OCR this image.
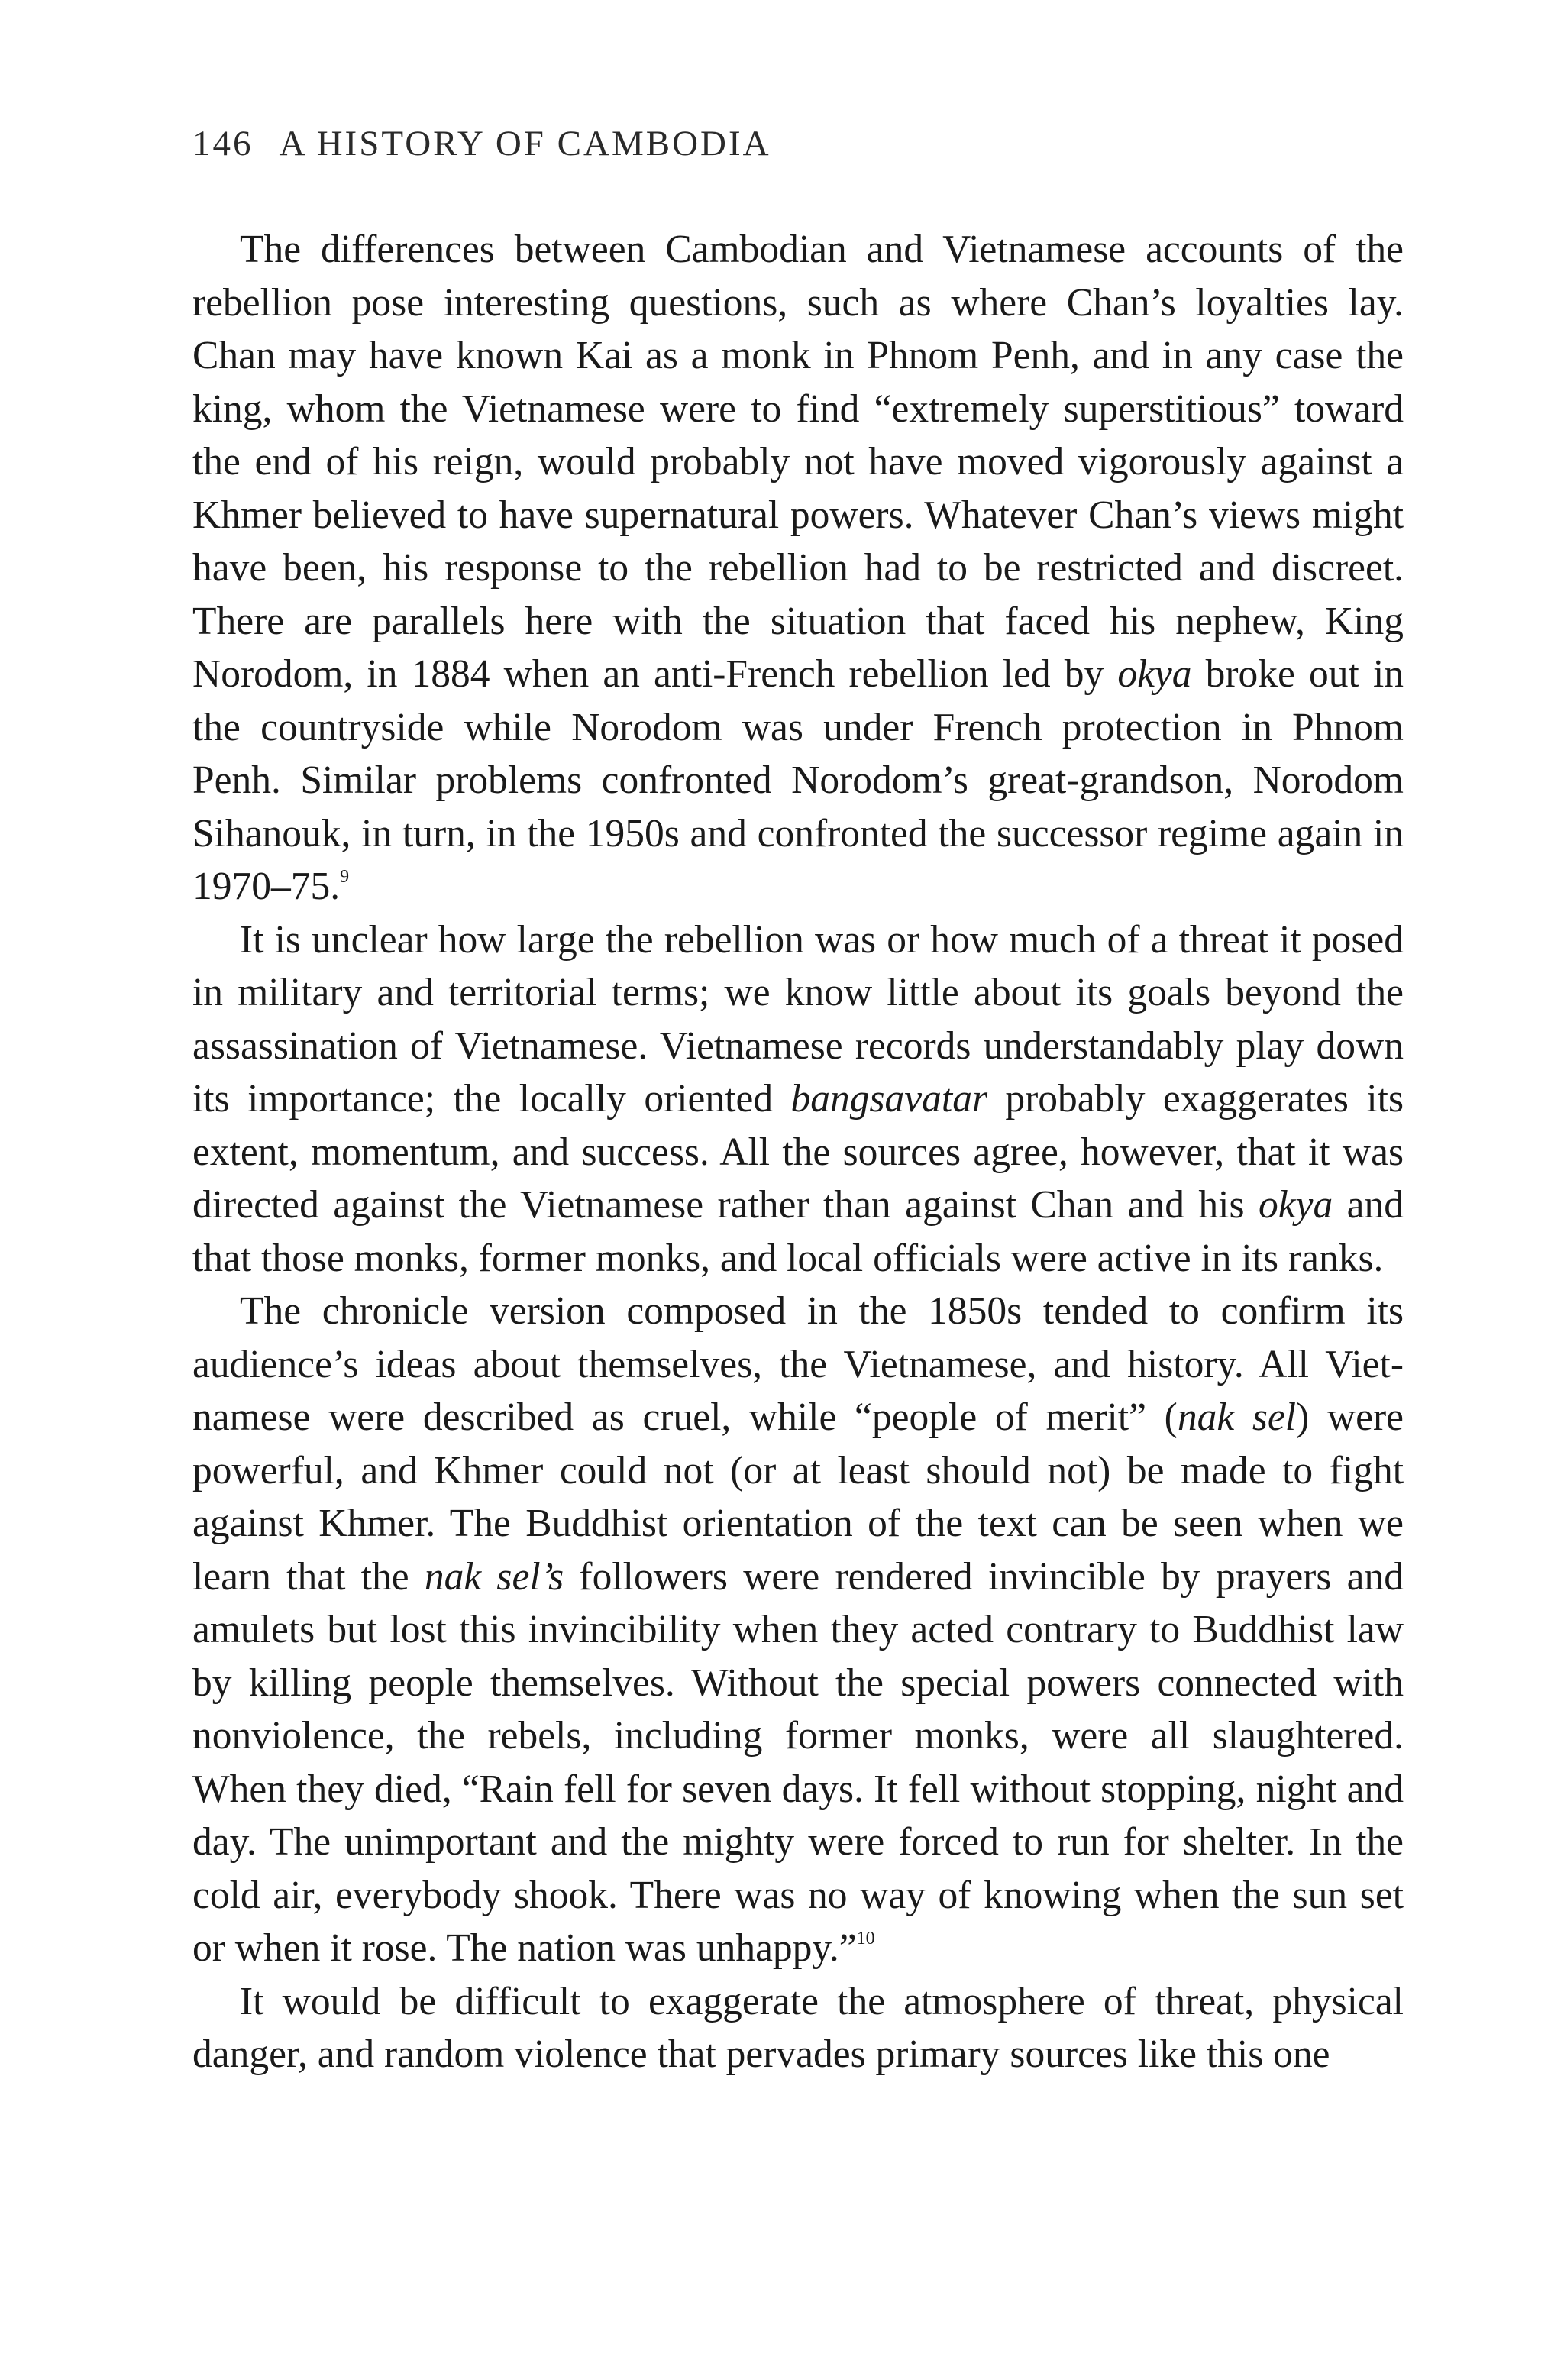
146 A HISTORY OF CAMBODIA

The differences between Cambodian and Vietnamese accounts of the rebellion pose interesting questions, such as where Chan’s loyalties lay. Chan may have known Kai as a monk in Phnom Penh, and in any case the king, whom the Vietnamese were to find “extremely superstitious” toward the end of his reign, would probably not have moved vigorously against a Khmer believed to have supernatural powers. Whatever Chan’s views might have been, his response to the rebellion had to be restricted and discreet. There are parallels here with the situation that faced his nephew, King Norodom, in 1884 when an anti-French rebellion led by okya broke out in the countryside while Norodom was under French protection in Phnom Penh. Similar problems confronted Norodom’s great-grandson, Norodom Sihanouk, in turn, in the 1950s and confronted the successor regime again in 1970–75.$^9$

It is unclear how large the rebellion was or how much of a threat it posed in military and territorial terms; we know little about its goals beyond the assassination of Vietnamese. Vietnamese records understandably play down its importance; the locally oriented bangsavatar probably exaggerates its extent, momentum, and success. All the sources agree, however, that it was directed against the Vietnamese rather than against Chan and his okya and that those monks, former monks, and local officials were active in its ranks.

The chronicle version composed in the 1850s tended to confirm its audience’s ideas about themselves, the Vietnamese, and history. All Vietnamese were described as cruel, while “people of merit” (nak sel) were powerful, and Khmer could not (or at least should not) be made to fight against Khmer. The Buddhist orientation of the text can be seen when we learn that the nak sel’s followers were rendered invincible by prayers and amulets but lost this invincibility when they acted contrary to Buddhist law by killing people themselves. Without the special powers connected with nonviolence, the rebels, including former monks, were all slaughtered. When they died, “Rain fell for seven days. It fell without stopping, night and day. The unimportant and the mighty were forced to run for shelter. In the cold air, everybody shook. There was no way of knowing when the sun set or when it rose. The nation was unhappy.”$^{10}$

It would be difficult to exaggerate the atmosphere of threat, physical danger, and random violence that pervades primary sources like this one
